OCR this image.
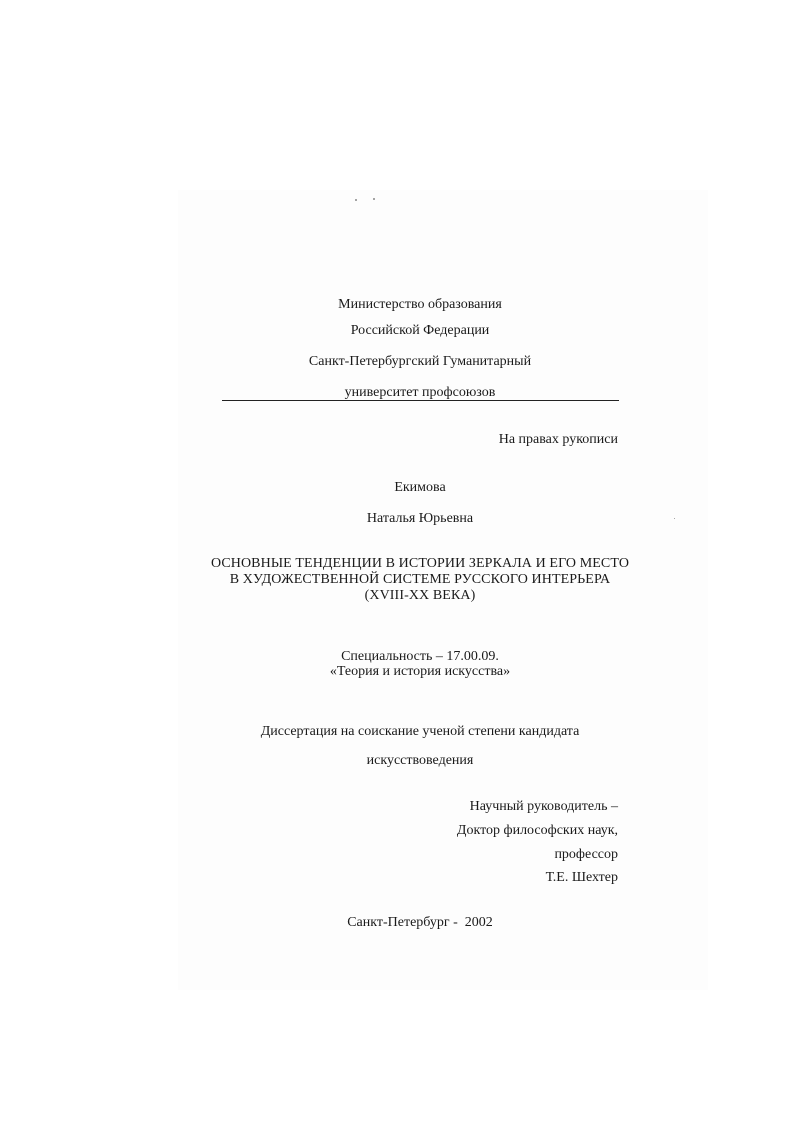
Министерство образования
Российской Федерации
Санкт-Петербургский Гуманитарный
университет профсоюзов
На правах рукописи
Екимова
Наталья Юрьевна
ОСНОВНЫЕ ТЕНДЕНЦИИ В ИСТОРИИ ЗЕРКАЛА И ЕГО МЕСТО
В ХУДОЖЕСТВЕННОЙ СИСТЕМЕ РУССКОГО ИНТЕРЬЕРА
(XVIII-XX ВЕКА)
Специальность – 17.00.09.
«Теория и история искусства»
Диссертация на соискание ученой степени кандидата
искусствоведения
Научный руководитель –
Доктор философских наук,
профессор
Т.Е. Шехтер
Санкт-Петербург -  2002
